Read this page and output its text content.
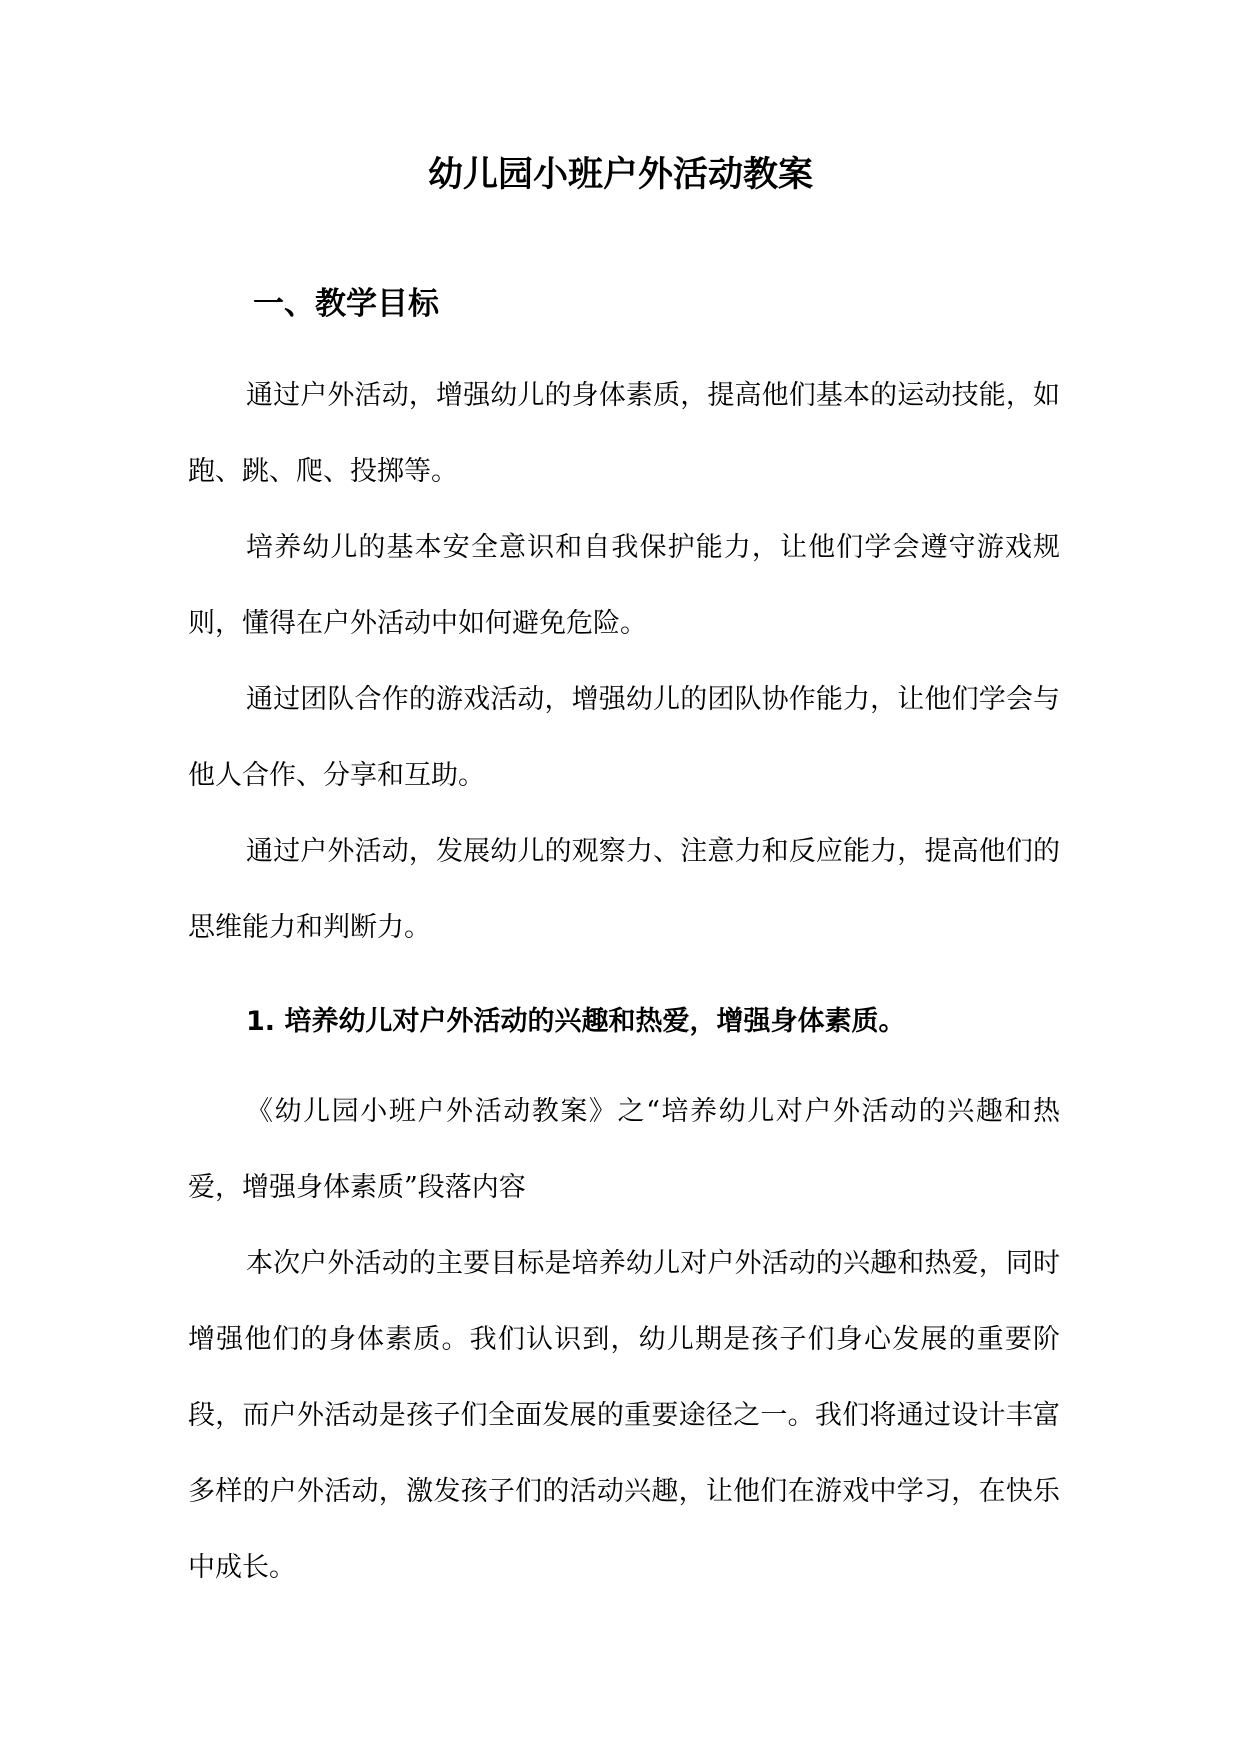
幼儿园小班户外活动教案
一、教学目标

通过户外活动，增强幼儿的身体素质，提高他们基本的运动技能，如跑、跳、爬、投掷等。

培养幼儿的基本安全意识和自我保护能力，让他们学会遵守游戏规则，懂得在户外活动中如何避免危险。

通过团队合作的游戏活动，增强幼儿的团队协作能力，让他们学会与他人合作、分享和互助。

通过户外活动，发展幼儿的观察力、注意力和反应能力，提高他们的思维能力和判断力。

1. 培养幼儿对户外活动的兴趣和热爱，增强身体素质。

《幼儿园小班户外活动教案》之“培养幼儿对户外活动的兴趣和热爱，增强身体素质”段落内容

本次户外活动的主要目标是培养幼儿对户外活动的兴趣和热爱，同时增强他们的身体素质。我们认识到，幼儿期是孩子们身心发展的重要阶段，而户外活动是孩子们全面发展的重要途径之一。我们将通过设计丰富多样的户外活动，激发孩子们的活动兴趣，让他们在游戏中学习，在快乐中成长。
